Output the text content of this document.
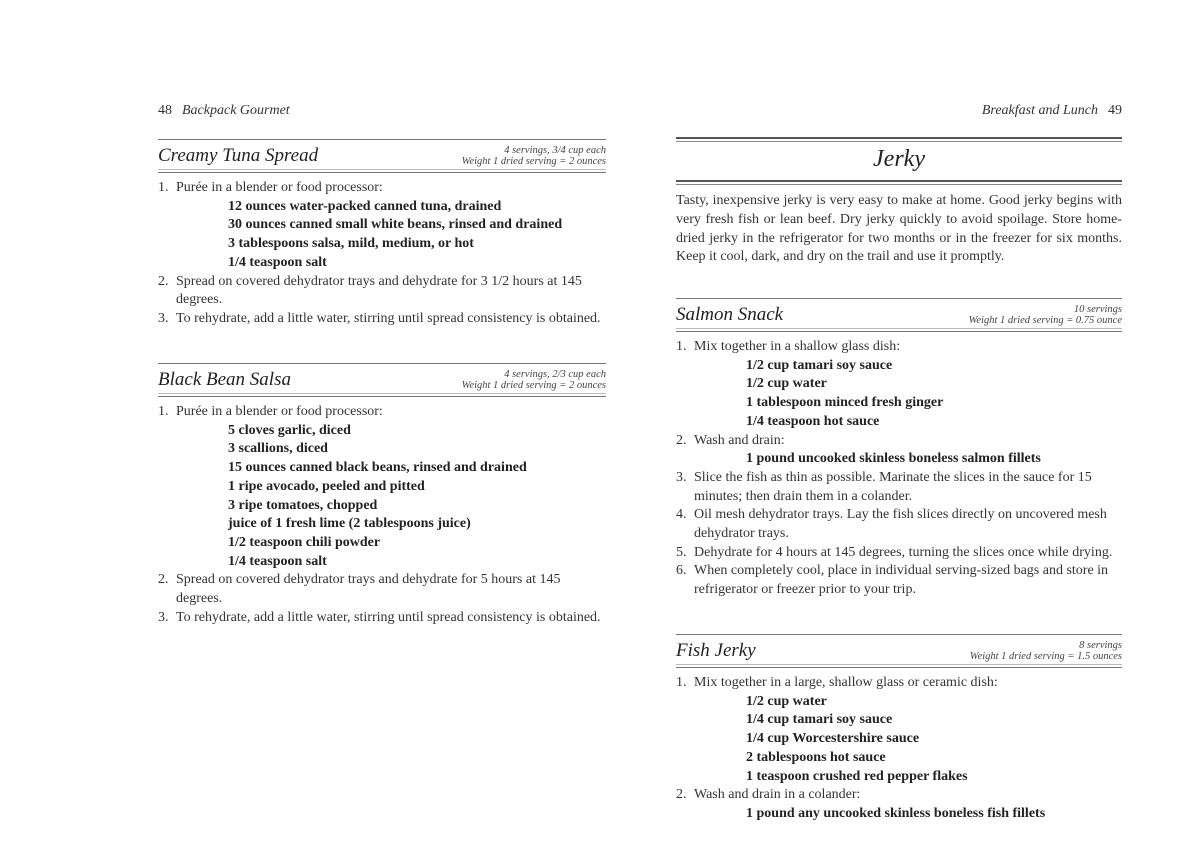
48 Backpack Gourmet
Creamy Tuna Spread	4 servings, 3/4 cup each
Weight 1 dried serving = 2 ounces
1. Purée in a blender or food processor:
12 ounces water-packed canned tuna, drained
30 ounces canned small white beans, rinsed and drained
3 tablespoons salsa, mild, medium, or hot
1/4 teaspoon salt
2. Spread on covered dehydrator trays and dehydrate for 3 1/2 hours at 145 degrees.
3. To rehydrate, add a little water, stirring until spread consistency is obtained.
Black Bean Salsa	4 servings, 2/3 cup each
Weight 1 dried serving = 2 ounces
1. Purée in a blender or food processor:
5 cloves garlic, diced
3 scallions, diced
15 ounces canned black beans, rinsed and drained
1 ripe avocado, peeled and pitted
3 ripe tomatoes, chopped
juice of 1 fresh lime (2 tablespoons juice)
1/2 teaspoon chili powder
1/4 teaspoon salt
2. Spread on covered dehydrator trays and dehydrate for 5 hours at 145 degrees.
3. To rehydrate, add a little water, stirring until spread consistency is obtained.
Breakfast and Lunch 49
Jerky
Tasty, inexpensive jerky is very easy to make at home. Good jerky begins with very fresh fish or lean beef. Dry jerky quickly to avoid spoilage. Store home-dried jerky in the refrigerator for two months or in the freezer for six months. Keep it cool, dark, and dry on the trail and use it promptly.
Salmon Snack	10 servings
Weight 1 dried serving = 0.75 ounce
1. Mix together in a shallow glass dish:
1/2 cup tamari soy sauce
1/2 cup water
1 tablespoon minced fresh ginger
1/4 teaspoon hot sauce
2. Wash and drain:
1 pound uncooked skinless boneless salmon fillets
3. Slice the fish as thin as possible. Marinate the slices in the sauce for 15 minutes; then drain them in a colander.
4. Oil mesh dehydrator trays. Lay the fish slices directly on uncovered mesh dehydrator trays.
5. Dehydrate for 4 hours at 145 degrees, turning the slices once while drying.
6. When completely cool, place in individual serving-sized bags and store in refrigerator or freezer prior to your trip.
Fish Jerky	8 servings
Weight 1 dried serving = 1.5 ounces
1. Mix together in a large, shallow glass or ceramic dish:
1/2 cup water
1/4 cup tamari soy sauce
1/4 cup Worcestershire sauce
2 tablespoons hot sauce
1 teaspoon crushed red pepper flakes
2. Wash and drain in a colander:
1 pound any uncooked skinless boneless fish fillets
